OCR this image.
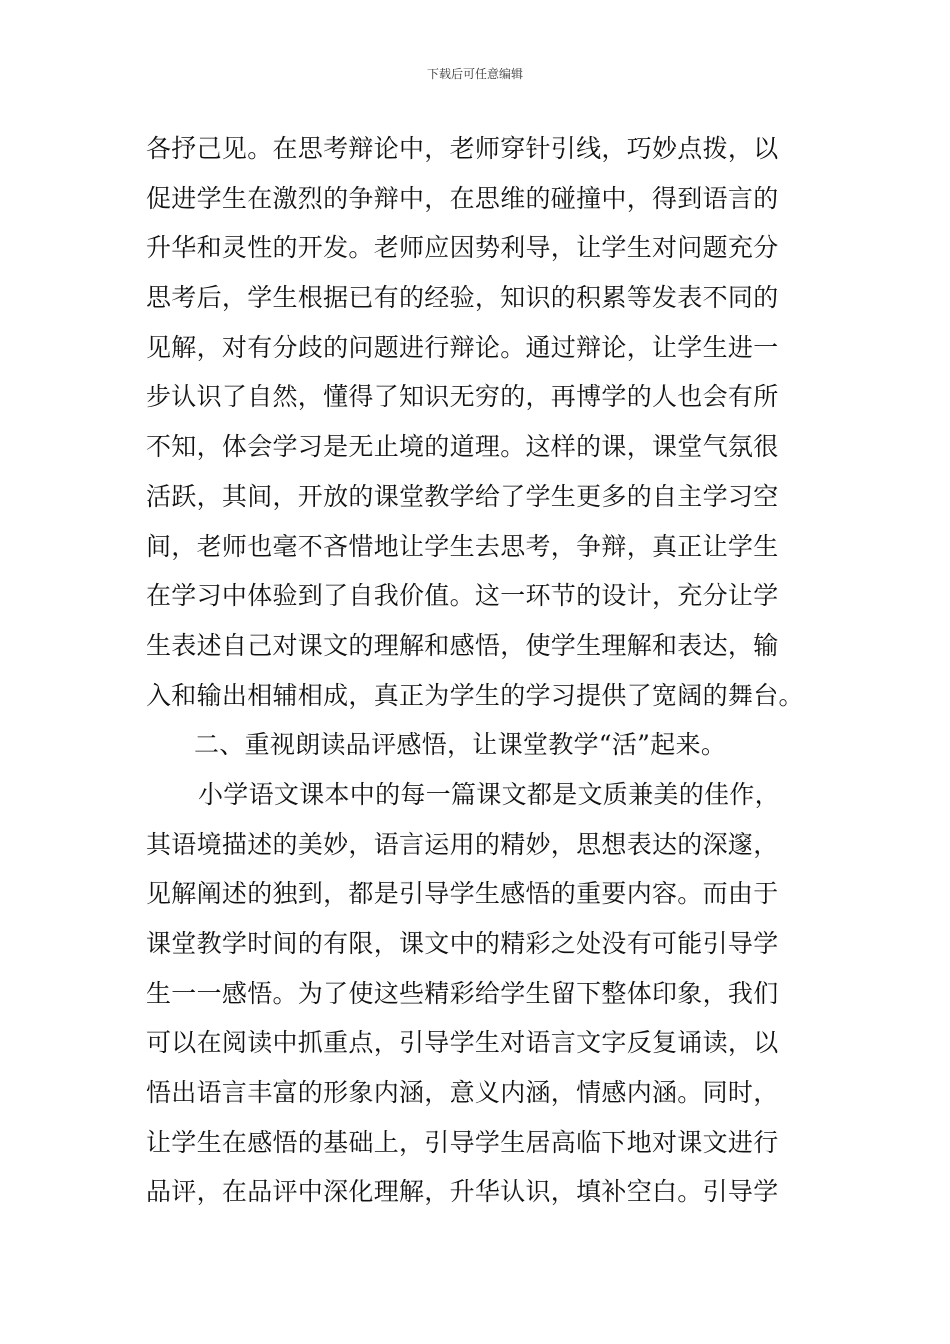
下载后可任意编辑
各抒己见。在思考辩论中，老师穿针引线，巧妙点拨，以
促进学生在激烈的争辩中，在思维的碰撞中，得到语言的
升华和灵性的开发。老师应因势利导，让学生对问题充分
思考后，学生根据已有的经验，知识的积累等发表不同的
见解，对有分歧的问题进行辩论。通过辩论，让学生进一
步认识了自然，懂得了知识无穷的，再博学的人也会有所
不知，体会学习是无止境的道理。这样的课，课堂气氛很
活跃，其间，开放的课堂教学给了学生更多的自主学习空
间，老师也毫不吝惜地让学生去思考，争辩，真正让学生
在学习中体验到了自我价值。这一环节的设计，充分让学
生表述自己对课文的理解和感悟，使学生理解和表达，输
入和输出相辅相成，真正为学生的学习提供了宽阔的舞台。
二、重视朗读品评感悟，让课堂教学“活”起来。
小学语文课本中的每一篇课文都是文质兼美的佳作，
其语境描述的美妙，语言运用的精妙，思想表达的深邃，
见解阐述的独到，都是引导学生感悟的重要内容。而由于
课堂教学时间的有限，课文中的精彩之处没有可能引导学
生一一感悟。为了使这些精彩给学生留下整体印象，我们
可以在阅读中抓重点，引导学生对语言文字反复诵读，以
悟出语言丰富的形象内涵，意义内涵，情感内涵。同时，
让学生在感悟的基础上，引导学生居高临下地对课文进行
品评，在品评中深化理解，升华认识，填补空白。引导学
